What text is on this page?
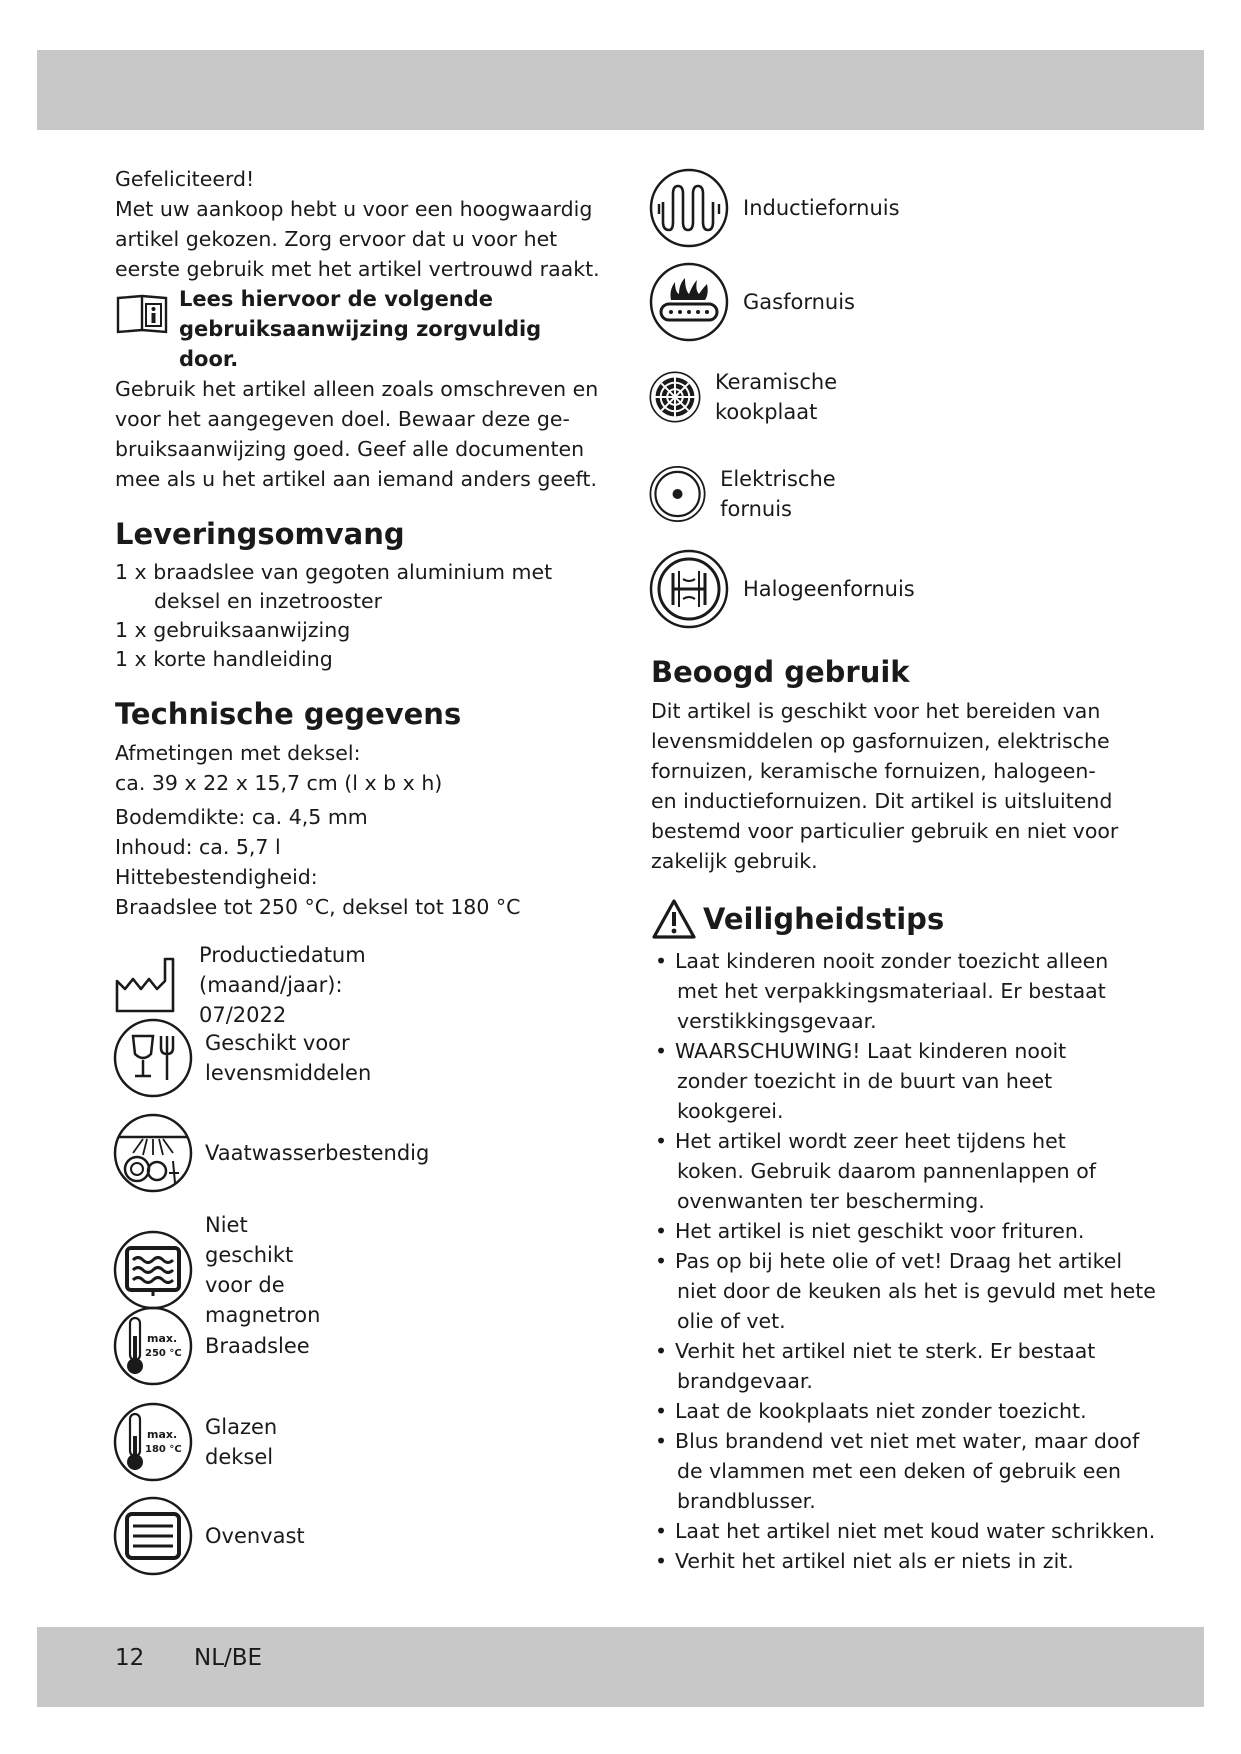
Gefeliciteerd!

Met uw aankoop hebt u voor een hoogwaardig

artikel gekozen. Zorg ervoor dat u voor het

eerste gebruik met het artikel vertrouwd raakt.

Lees hiervoor de volgende
gebruiksaanwijzing zorgvuldig
door.

Gebruik het artikel alleen zoals omschreven en

voor het aangegeven doel. Bewaar deze ge-

bruiksaanwijzing goed. Geef alle documenten

mee als u het artikel aan iemand anders geeft.

Leveringsomvang
1 x braadslee van gegoten aluminium met
deksel en inzetrooster
1 x gebruiksaanwijzing
1 x korte handleiding
Technische gegevens

Afmetingen met deksel:

ca. 39 x 22 x 15,7 cm (l x b x h)

Bodemdikte: ca. 4,5 mm

Inhoud: ca. 5,7 l

Hittebestendigheid:

Braadslee tot 250 °C, deksel tot 180 °C

Productiedatum (maand/jaar):
07/2022
Geschikt voor levensmiddelen
Vaatwasserbestendig
Niet geschikt voor de magnetron
max.
250 °C Braadslee
max.
180 °C
Glazen deksel
Ovenvast
Inductiefornuis
Gasfornuis
Keramische kookplaat
Elektrische fornuis
Halogeenfornuis
Beoogd gebruik

Dit artikel is geschikt voor het bereiden van

levensmiddelen op gasfornuizen, elektrische

fornuizen, keramische fornuizen, halogeen-

en inductiefornuizen. Dit artikel is uitsluitend

bestemd voor particulier gebruik en niet voor

zakelijk gebruik.

Veiligheidstips
• Laat kinderen nooit zonder toezicht alleen
met het verpakkingsmateriaal. Er bestaat
verstikkingsgevaar.
• WAARSCHUWING! Laat kinderen nooit
zonder toezicht in de buurt van heet
kookgerei.
• Het artikel wordt zeer heet tijdens het
koken. Gebruik daarom pannenlappen of
ovenwanten ter bescherming.
• Het artikel is niet geschikt voor frituren.
• Pas op bij hete olie of vet! Draag het artikel
niet door de keuken als het is gevuld met hete
olie of vet.
• Verhit het artikel niet te sterk. Er bestaat
brandgevaar.
• Laat de kookplaats niet zonder toezicht.
• Blus brandend vet niet met water, maar doof
de vlammen met een deken of gebruik een
brandblusser.
• Laat het artikel niet met koud water schrikken.
• Verhit het artikel niet als er niets in zit.
12 NL/BE
